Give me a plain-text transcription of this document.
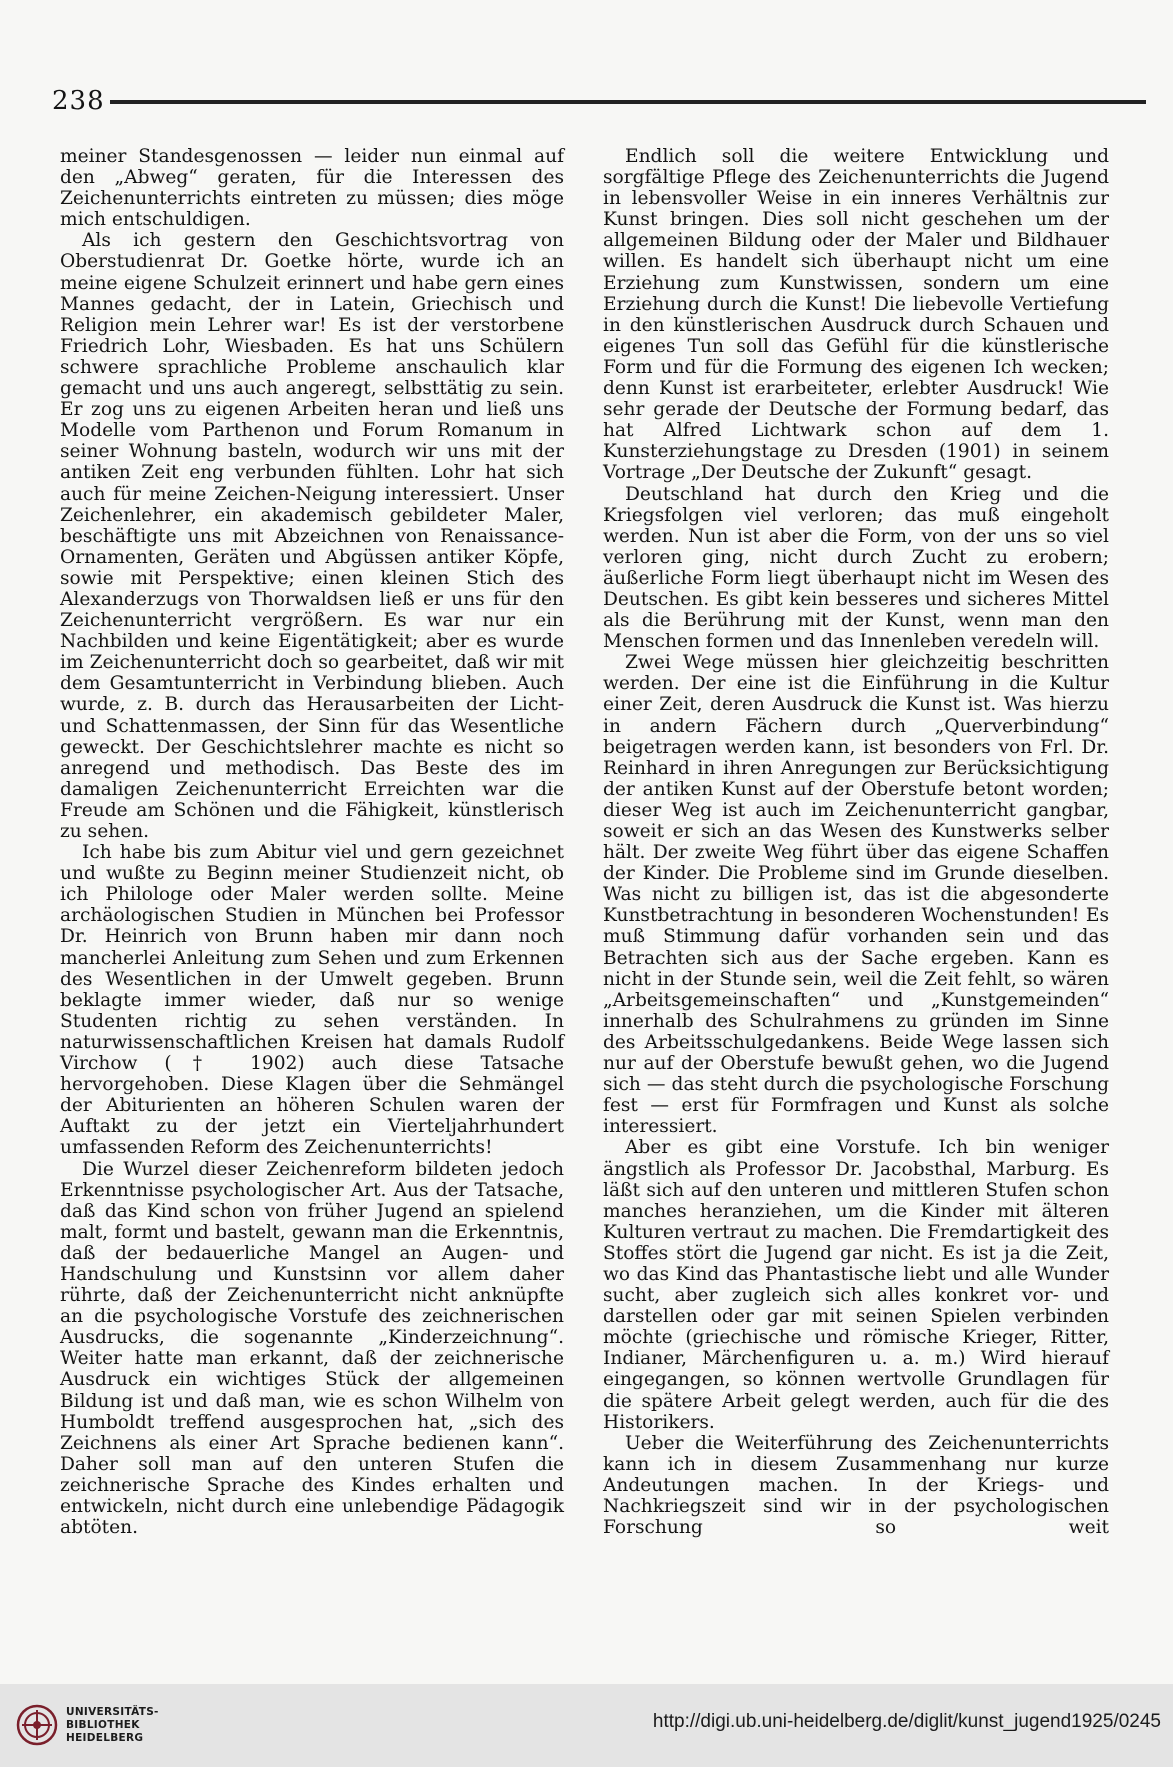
238

meiner Standesgenossen — leider nun einmal auf den „Abweg“ geraten, für die Interessen des Zeichenunterrichts eintreten zu müssen; dies möge mich entschuldigen.

Als ich gestern den Geschichtsvortrag von Oberstudienrat Dr. Goetke hörte, wurde ich an meine eigene Schulzeit erinnert und habe gern eines Mannes gedacht, der in Latein, Griechisch und Religion mein Lehrer war! Es ist der verstorbene Friedrich Lohr, Wiesbaden. Es hat uns Schülern schwere sprachliche Probleme anschaulich klar gemacht und uns auch angeregt, selbsttätig zu sein. Er zog uns zu eigenen Arbeiten heran und ließ uns Modelle vom Parthenon und Forum Romanum in seiner Wohnung basteln, wodurch wir uns mit der antiken Zeit eng verbunden fühlten. Lohr hat sich auch für meine Zeichen-Neigung interessiert. Unser Zeichenlehrer, ein akademisch gebildeter Maler, beschäftigte uns mit Abzeichnen von Renaissance-Ornamenten, Geräten und Abgüssen antiker Köpfe, sowie mit Perspektive; einen kleinen Stich des Alexanderzugs von Thorwaldsen ließ er uns für den Zeichenunterricht vergrößern. Es war nur ein Nachbilden und keine Eigentätigkeit; aber es wurde im Zeichenunterricht doch so gearbeitet, daß wir mit dem Gesamtunterricht in Verbindung blieben. Auch wurde, z. B. durch das Herausarbeiten der Licht- und Schattenmassen, der Sinn für das Wesentliche geweckt. Der Geschichtslehrer machte es nicht so anregend und methodisch. Das Beste des im damaligen Zeichenunterricht Erreichten war die Freude am Schönen und die Fähigkeit, künstlerisch zu sehen.

Ich habe bis zum Abitur viel und gern gezeichnet und wußte zu Beginn meiner Studienzeit nicht, ob ich Philologe oder Maler werden sollte. Meine archäologischen Studien in München bei Professor Dr. Heinrich von Brunn haben mir dann noch mancherlei Anleitung zum Sehen und zum Erkennen des Wesentlichen in der Umwelt gegeben. Brunn beklagte immer wieder, daß nur so wenige Studenten richtig zu sehen verständen. In naturwissenschaftlichen Kreisen hat damals Rudolf Virchow († 1902) auch diese Tatsache hervorgehoben. Diese Klagen über die Sehmängel der Abiturienten an höheren Schulen waren der Auftakt zu der jetzt ein Vierteljahrhundert umfassenden Reform des Zeichenunterrichts!

Die Wurzel dieser Zeichenreform bildeten jedoch Erkenntnisse psychologischer Art. Aus der Tatsache, daß das Kind schon von früher Jugend an spielend malt, formt und bastelt, gewann man die Erkenntnis, daß der bedauerliche Mangel an Augen- und Handschulung und Kunstsinn vor allem daher rührte, daß der Zeichenunterricht nicht anknüpfte an die psychologische Vorstufe des zeichnerischen Ausdrucks, die sogenannte „Kinderzeichnung“. Weiter hatte man erkannt, daß der zeichnerische Ausdruck ein wichtiges Stück der allgemeinen Bildung ist und daß man, wie es schon Wilhelm von Humboldt treffend ausgesprochen hat, „sich des Zeichnens als einer Art Sprache bedienen kann“. Daher soll man auf den unteren Stufen die zeichnerische Sprache des Kindes erhalten und entwickeln, nicht durch eine unlebendige Pädagogik abtöten.

Endlich soll die weitere Entwicklung und sorgfältige Pflege des Zeichenunterrichts die Jugend in lebensvoller Weise in ein inneres Verhältnis zur Kunst bringen. Dies soll nicht geschehen um der allgemeinen Bildung oder der Maler und Bildhauer willen. Es handelt sich überhaupt nicht um eine Erziehung zum Kunstwissen, sondern um eine Erziehung durch die Kunst! Die liebevolle Vertiefung in den künstlerischen Ausdruck durch Schauen und eigenes Tun soll das Gefühl für die künstlerische Form und für die Formung des eigenen Ich wecken; denn Kunst ist erarbeiteter, erlebter Ausdruck! Wie sehr gerade der Deutsche der Formung bedarf, das hat Alfred Lichtwark schon auf dem 1. Kunsterziehungstage zu Dresden (1901) in seinem Vortrage „Der Deutsche der Zukunft“ gesagt.

Deutschland hat durch den Krieg und die Kriegsfolgen viel verloren; das muß eingeholt werden. Nun ist aber die Form, von der uns so viel verloren ging, nicht durch Zucht zu erobern; äußerliche Form liegt überhaupt nicht im Wesen des Deutschen. Es gibt kein besseres und sicheres Mittel als die Berührung mit der Kunst, wenn man den Menschen formen und das Innenleben veredeln will.

Zwei Wege müssen hier gleichzeitig beschritten werden. Der eine ist die Einführung in die Kultur einer Zeit, deren Ausdruck die Kunst ist. Was hierzu in andern Fächern durch „Querverbindung“ beigetragen werden kann, ist besonders von Frl. Dr. Reinhard in ihren Anregungen zur Berücksichtigung der antiken Kunst auf der Oberstufe betont worden; dieser Weg ist auch im Zeichenunterricht gangbar, soweit er sich an das Wesen des Kunstwerks selber hält. Der zweite Weg führt über das eigene Schaffen der Kinder. Die Probleme sind im Grunde dieselben. Was nicht zu billigen ist, das ist die abgesonderte Kunstbetrachtung in besonderen Wochenstunden! Es muß Stimmung dafür vorhanden sein und das Betrachten sich aus der Sache ergeben. Kann es nicht in der Stunde sein, weil die Zeit fehlt, so wären „Arbeitsgemeinschaften“ und „Kunstgemeinden“ innerhalb des Schulrahmens zu gründen im Sinne des Arbeitsschulgedankens. Beide Wege lassen sich nur auf der Oberstufe bewußt gehen, wo die Jugend sich — das steht durch die psychologische Forschung fest — erst für Formfragen und Kunst als solche interessiert.

Aber es gibt eine Vorstufe. Ich bin weniger ängstlich als Professor Dr. Jacobsthal, Marburg. Es läßt sich auf den unteren und mittleren Stufen schon manches heranziehen, um die Kinder mit älteren Kulturen vertraut zu machen. Die Fremdartigkeit des Stoffes stört die Jugend gar nicht. Es ist ja die Zeit, wo das Kind das Phantastische liebt und alle Wunder sucht, aber zugleich sich alles konkret vor- und darstellen oder gar mit seinen Spielen verbinden möchte (griechische und römische Krieger, Ritter, Indianer, Märchenfiguren u. a. m.) Wird hierauf eingegangen, so können wertvolle Grundlagen für die spätere Arbeit gelegt werden, auch für die des Historikers.

Ueber die Weiterführung des Zeichenunterrichts kann ich in diesem Zusammenhang nur kurze Andeutungen machen. In der Kriegs- und Nachkriegszeit sind wir in der psychologischen Forschung so weit

UNIVERSITÄTS-
BIBLIOTHEK
HEIDELBERG
http://digi.ub.uni-heidelberg.de/diglit/kunst_jugend1925/0245
